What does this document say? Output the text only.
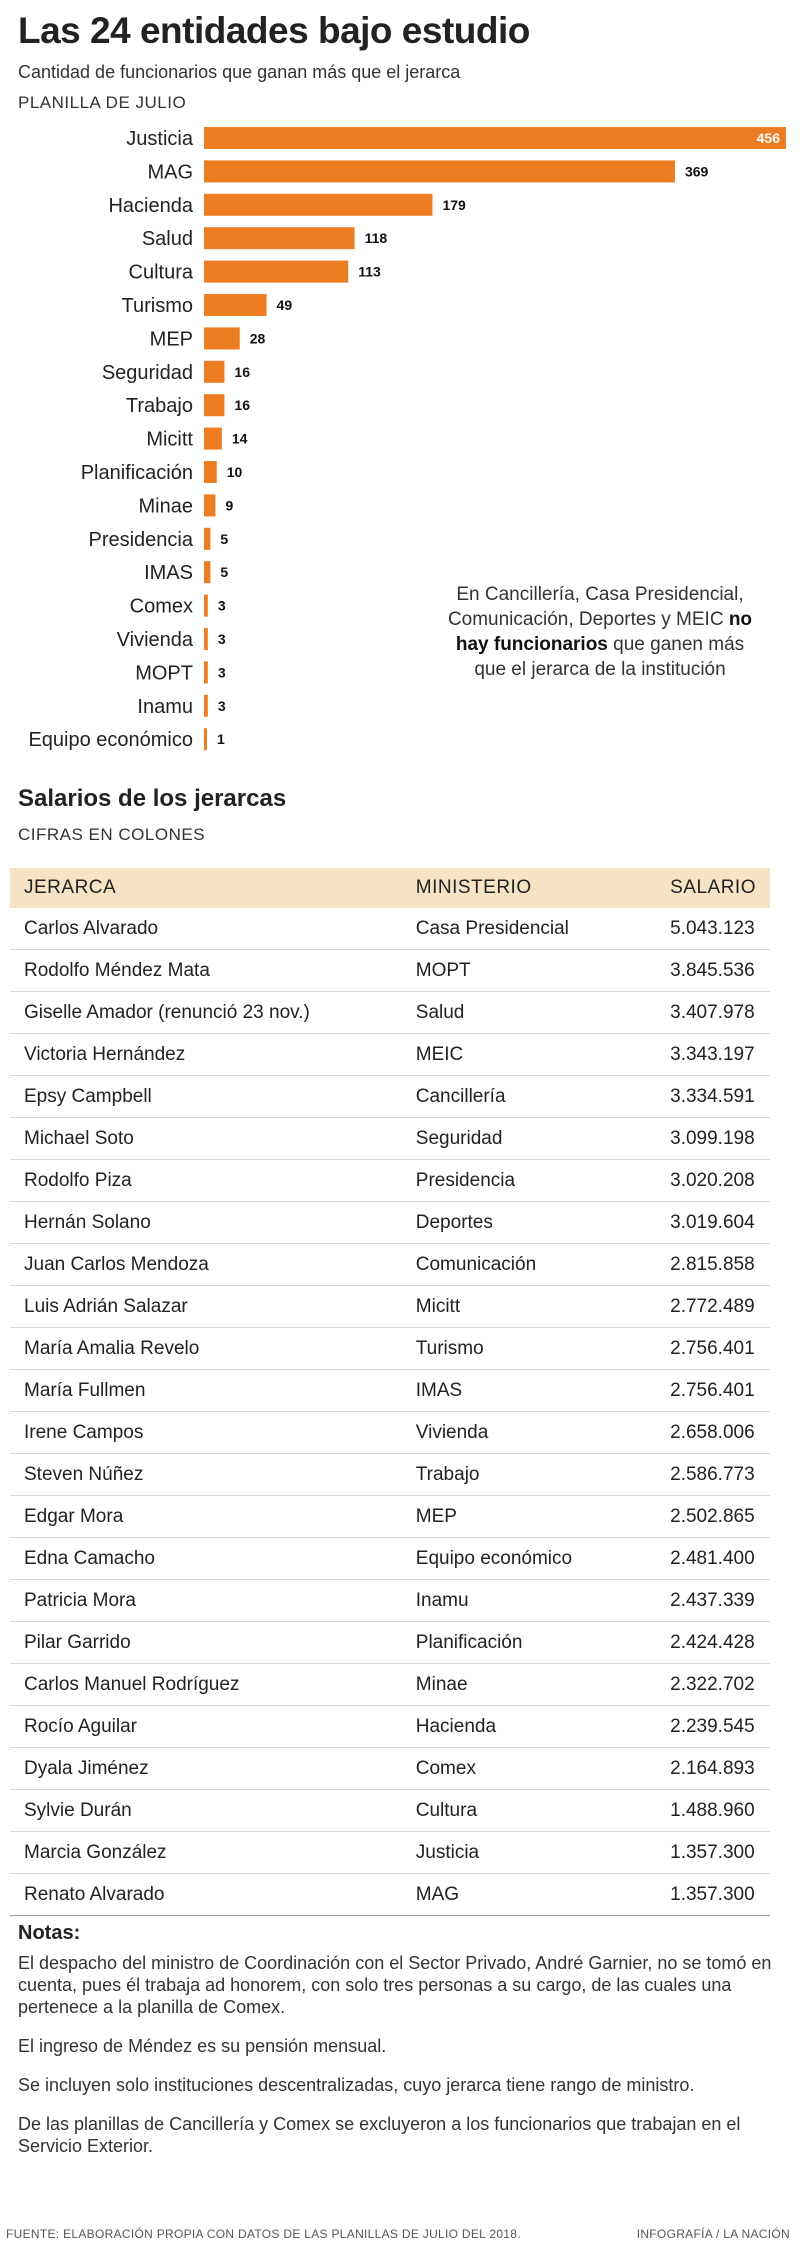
Las 24 entidades bajo estudio
Cantidad de funcionarios que ganan más que el jerarca
PLANILLA DE JULIO
Justicia	456
MAG	369
Hacienda	179
Salud	118
Cultura	113
Turismo	49
MEP	28
Seguridad	16
Trabajo	16
Micitt	14
Planificación 10
Minae 9
Presidencia 5
IMAS 5
Comex 3
Vivienda 3
MOPT 3
Inamu 3
Equipo económico 1
En Cancillería, Casa Presidencial, Comunicación, Deportes y MEIC no hay funcionarios que ganen más que el jerarca de la institución
Salarios de los jerarcas
CIFRAS EN COLONES
JERARCA	MINISTERIO	SALARIO
Carlos Alvarado	Casa Presidencial	5.043.123
Rodolfo Méndez Mata	MOPT	3.845.536
Giselle Amador (renunció 23 nov.)	Salud	3.407.978
Victoria Hernández	MEIC	3.343.197
Epsy Campbell	Cancillería	3.334.591
Michael Soto	Seguridad	3.099.198
Rodolfo Piza	Presidencia	3.020.208
Hernán Solano	Deportes	3.019.604
Juan Carlos Mendoza	Comunicación	2.815.858
Luis Adrián Salazar	Micitt	2.772.489
María Amalia Revelo	Turismo	2.756.401
María Fullmen	IMAS	2.756.401
Irene Campos	Vivienda	2.658.006
Steven Núñez	Trabajo	2.586.773
Edgar Mora	MEP	2.502.865
Edna Camacho	Equipo económico	2.481.400
Patricia Mora	Inamu	2.437.339
Pilar Garrido	Planificación	2.424.428
Carlos Manuel Rodríguez	Minae	2.322.702
Rocío Aguilar	Hacienda	2.239.545
Dyala Jiménez	Comex	2.164.893
Sylvie Durán	Cultura	1.488.960
Marcia González	Justicia	1.357.300
Renato Alvarado	MAG	1.357.300
Notas:

El despacho del ministro de Coordinación con el Sector Privado, André Garnier, no se tomó en cuenta, pues él trabaja ad honorem, con solo tres personas a su cargo, de las cuales una pertenece a la planilla de Comex.

El ingreso de Méndez es su pensión mensual.

Se incluyen solo instituciones descentralizadas, cuyo jerarca tiene rango de ministro.

De las planillas de Cancillería y Comex se excluyeron a los funcionarios que trabajan en el Servicio Exterior.

FUENTE: ELABORACIÓN PROPIA CON DATOS DE LAS PLANILLAS DE JULIO DEL 2018.	INFOGRAFÍA / LA NACIÓN
